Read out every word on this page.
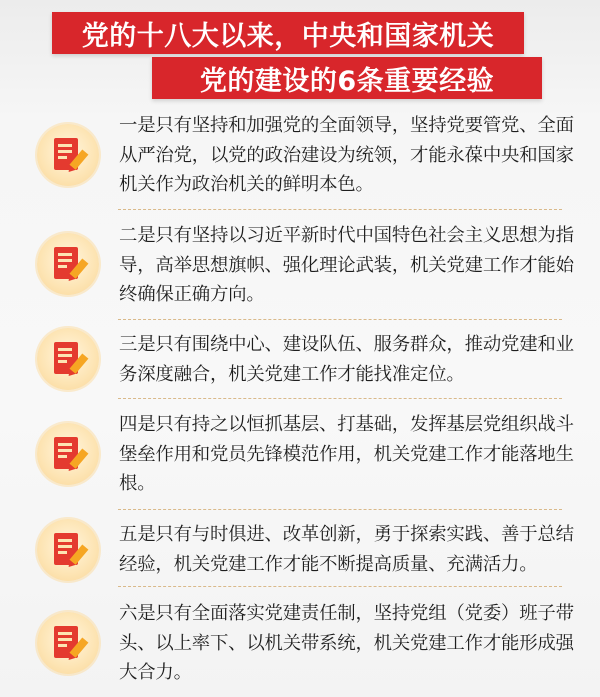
党的十八大以来，中央和国家机关
党的建设的6条重要经验
一是只有坚持和加强党的全面领导，坚持党要管党、全面从严治党，以党的政治建设为统领，才能永葆中央和国家机关作为政治机关的鲜明本色。
二是只有坚持以习近平新时代中国特色社会主义思想为指导，高举思想旗帜、强化理论武装，机关党建工作才能始终确保正确方向。
三是只有围绕中心、建设队伍、服务群众，推动党建和业务深度融合，机关党建工作才能找准定位。
四是只有持之以恒抓基层、打基础，发挥基层党组织战斗堡垒作用和党员先锋模范作用，机关党建工作才能落地生根。
五是只有与时俱进、改革创新，勇于探索实践、善于总结经验，机关党建工作才能不断提高质量、充满活力。
六是只有全面落实党建责任制，坚持党组（党委）班子带头、以上率下、以机关带系统，机关党建工作才能形成强大合力。
